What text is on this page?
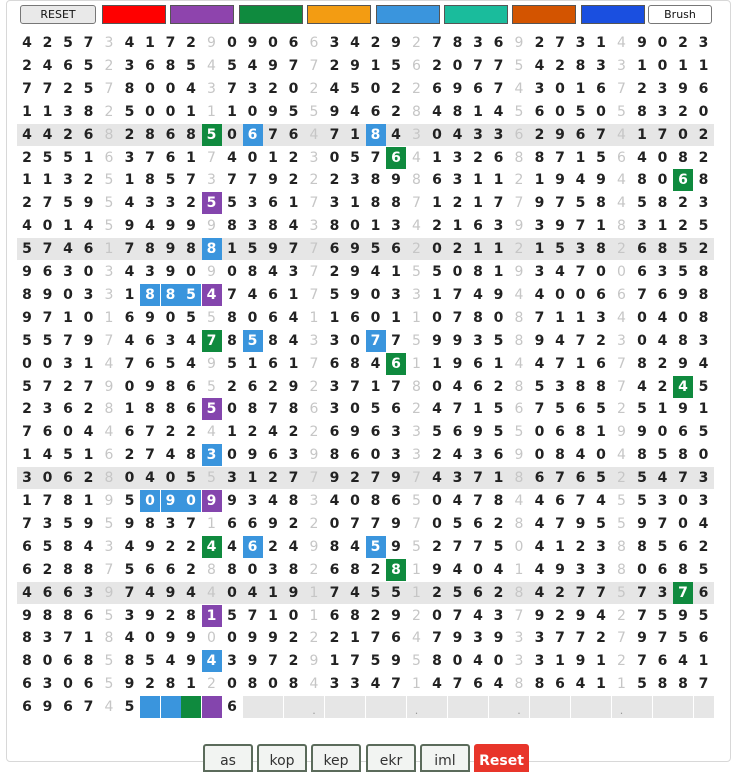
RESET	Brush
4 2 5 7 3 4 1 7 2 9 0 9 0 6 6 3 4 2 9 2 7 8 3 6 9 2 7 3 1 4 9 0 2 3
2 4 6 5 2 3 6 8 5 4 5 4 9 7 7 2 9 1 5 6 2 0 7 7 5 4 2 8 3 3 1 0 1 1
7 7 2 5 7 8 0 0 4 3 7 3 2 0 2 4 5 0 2 2 6 9 6 7 4 3 0 1 6 7 2 3 9 6
1 1 3 8 2 5 0 0 1 1 1 0 9 5 5 9 4 6 2 8 4 8 1 4 5 6 0 5 0 5 8 3 2 0
4 4 2 6 8 2 8 6 8 5 0 6 7 6 4 7 1 8 4 3 0 4 3 3 6 2 9 6 7 4 1 7 0 2
2 5 5 1 6 3 7 6 1 7 4 0 1 2 3 0 5 7 6 4 1 3 2 6 8 8 7 1 5 6 4 0 8 2
1 1 3 2 5 1 8 5 7 3 7 7 9 2 2 2 3 8 9 8 6 3 1 1 2 1 9 4 9 4 8 0 6 8
2 7 5 9 5 4 3 3 2 5 5 3 6 1 7 3 1 8 8 7 1 2 1 7 7 9 7 5 8 4 5 8 2 3
4 0 1 4 5 9 4 9 9 9 8 3 8 4 3 8 0 1 3 4 2 1 6 3 9 3 9 7 1 8 3 1 2 5
5 7 4 6 1 7 8 9 8 8 1 5 9 7 7 6 9 5 6 2 0 2 1 1 2 1 5 3 8 2 6 8 5 2
9 6 3 0 3 4 3 9 0 9 0 8 4 3 7 2 9 4 1 5 5 0 8 1 9 3 4 7 0 0 6 3 5 8
8 9 0 3 3 1 8 8 5 4 7 4 6 1 7 5 9 0 3 3 1 7 4 9 4 4 0 0 6 6 7 6 9 8
9 7 1 0 1 6 9 0 5 5 8 0 6 4 1 1 6 0 1 1 0 7 8 0 8 7 1 1 3 4 0 4 0 8
5 5 7 9 7 4 6 3 4 7 8 5 8 4 3 3 0 7 7 5 9 9 3 5 8 9 4 7 2 3 0 4 8 3
0 0 3 1 4 7 6 5 4 9 5 1 6 1 7 6 8 4 6 1 1 9 6 1 4 4 7 1 6 7 8 2 9 4
5 7 2 7 9 0 9 8 6 5 2 6 2 9 2 3 7 1 7 8 0 4 6 2 8 5 3 8 8 7 4 2 4 5
2 3 6 2 8 1 8 8 6 5 0 8 7 8 6 3 0 5 6 2 4 7 1 5 6 7 5 6 5 2 5 1 9 1
7 6 0 4 4 6 7 2 2 4 1 2 4 2 2 6 9 6 3 3 5 6 9 5 5 0 6 8 1 9 9 0 6 5
1 4 5 1 6 2 7 4 8 3 0 9 6 3 9 8 6 0 3 3 2 4 3 6 9 0 8 4 0 4 8 5 8 0
3 0 6 2 8 0 4 0 5 5 3 1 2 7 7 9 2 7 9 7 4 3 7 1 8 6 7 6 5 2 5 4 7 3
1 7 8 1 9 5 0 9 0 9 9 3 4 8 3 4 0 8 6 5 0 4 7 8 4 4 6 7 4 5 5 3 0 3
7 3 5 9 5 9 8 3 7 1 6 6 9 2 2 0 7 7 9 7 0 5 6 2 8 4 7 9 5 5 9 7 0 4
6 5 8 4 3 4 9 2 2 4 4 6 2 4 9 8 4 5 9 5 2 7 7 5 0 4 1 2 3 8 8 5 6 2
6 2 8 8 7 5 6 6 2 8 8 0 3 8 2 6 8 2 8 1 9 4 0 4 1 4 9 3 3 8 0 6 8 5
4 6 6 3 9 7 4 9 4 4 0 4 1 9 1 7 4 5 5 1 2 5 6 2 8 4 2 7 7 5 7 3 7 6
9 8 8 6 5 3 9 2 8 1 5 7 1 0 1 6 8 2 9 2 0 7 4 3 7 9 2 9 4 2 7 5 9 5
8 3 7 1 8 4 0 9 9 0 0 9 9 2 2 2 1 7 6 4 7 9 3 9 3 3 7 7 2 7 9 7 5 6
8 0 6 8 5 8 5 4 9 4 3 9 7 2 9 1 7 5 9 5 8 0 4 0 3 3 1 9 1 2 7 6 4 1
6 3 0 6 5 9 2 8 1 2 0 8 0 8 4 3 3 4 7 1 4 7 6 4 8 8 6 4 1 1 5 8 8 7
6 9 6 7 4 5	6	.	.	.	.
as	kop	kep	ekr	iml	Reset
